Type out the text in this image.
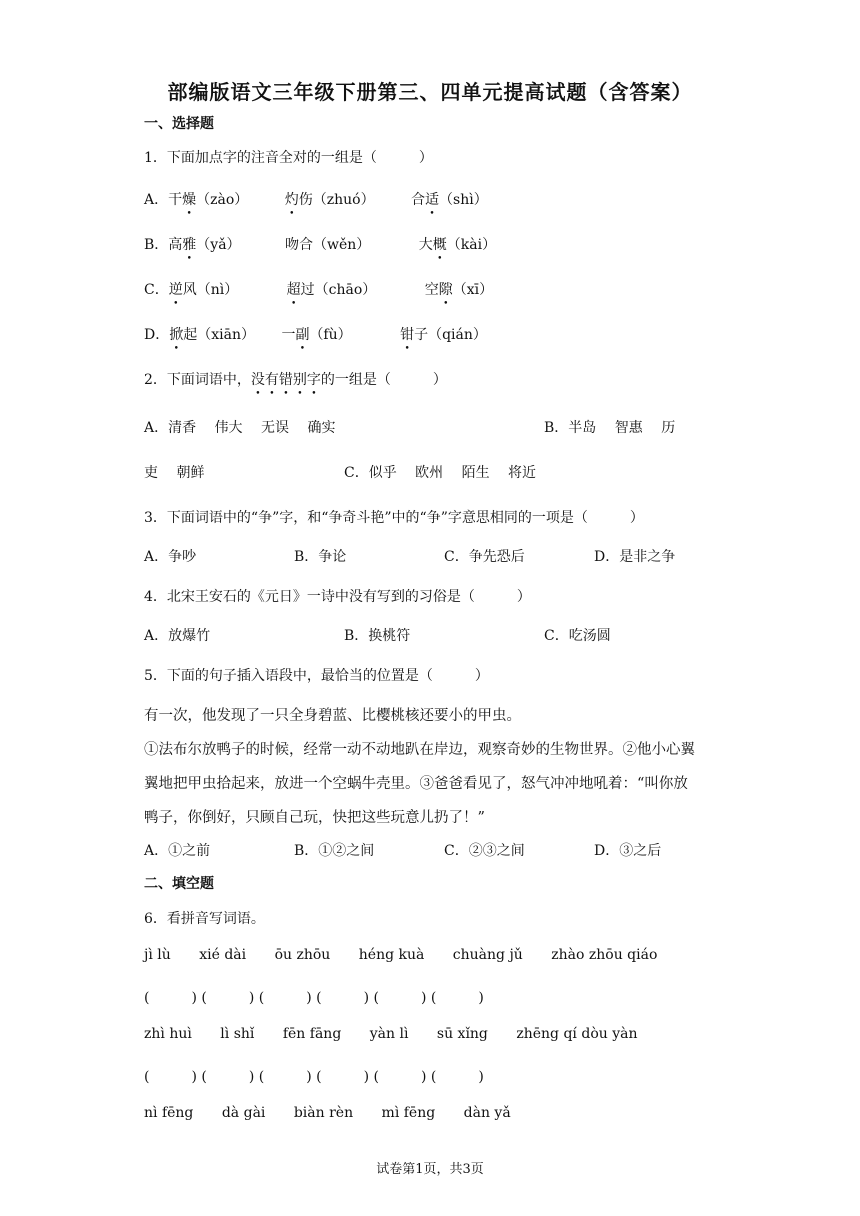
部编版语文三年级下册第三、四单元提高试题（含答案）
一、选择题
1．下面加点字的注音全对的一组是（　　　）
A．干燥（zào）	灼伤（zhuó）	合适（shì）
B．高雅（yǎ）	吻合（wěn）	大概（kài）
C．逆风（nì）	超过（chāo）	空隙（xī）
D．掀起（xiān） 一副（fù）	钳子（qián）
2．下面词语中，没有错别字的一组是（　　　）
A．清香　 伟大　 无误　 确实	B．半岛　 智惠　 历
吏　 朝鲜	C．似乎　 欧州　 陌生　 将近
3．下面词语中的“争”字，和“争奇斗艳”中的“争”字意思相同的一项是（　　　）
A．争吵	B．争论	C．争先恐后	D．是非之争
4．北宋王安石的《元日》一诗中没有写到的习俗是（　　　）
A．放爆竹	B．换桃符	C．吃汤圆
5．下面的句子插入语段中，最恰当的位置是（　　　）
有一次，他发现了一只全身碧蓝、比樱桃核还要小的甲虫。
①法布尔放鸭子的时候，经常一动不动地趴在岸边，观察奇妙的生物世界。②他小心翼
翼地把甲虫拾起来，放进一个空蜗牛壳里。③爸爸看见了，怒气冲冲地吼着：“叫你放
鸭子，你倒好，只顾自己玩，快把这些玩意儿扔了！”
A．①之前	B．①②之间	C．②③之间	D．③之后
二、填空题
6．看拼音写词语。
jì lù xié dài ōu zhōu héng kuà chuàng jǔ zhào zhōu qiáo
(　　　) (　　　) (　　　) (　　　) (　　　) (　　　)
zhì huì lì shǐ fēn fāng yàn lì sū xǐng zhēng qí dòu yàn
(　　　) (　　　) (　　　) (　　　) (　　　) (　　　)
nì fēng dà gài biàn rèn mì fēng dàn yǎ
试卷第1页，共3页
